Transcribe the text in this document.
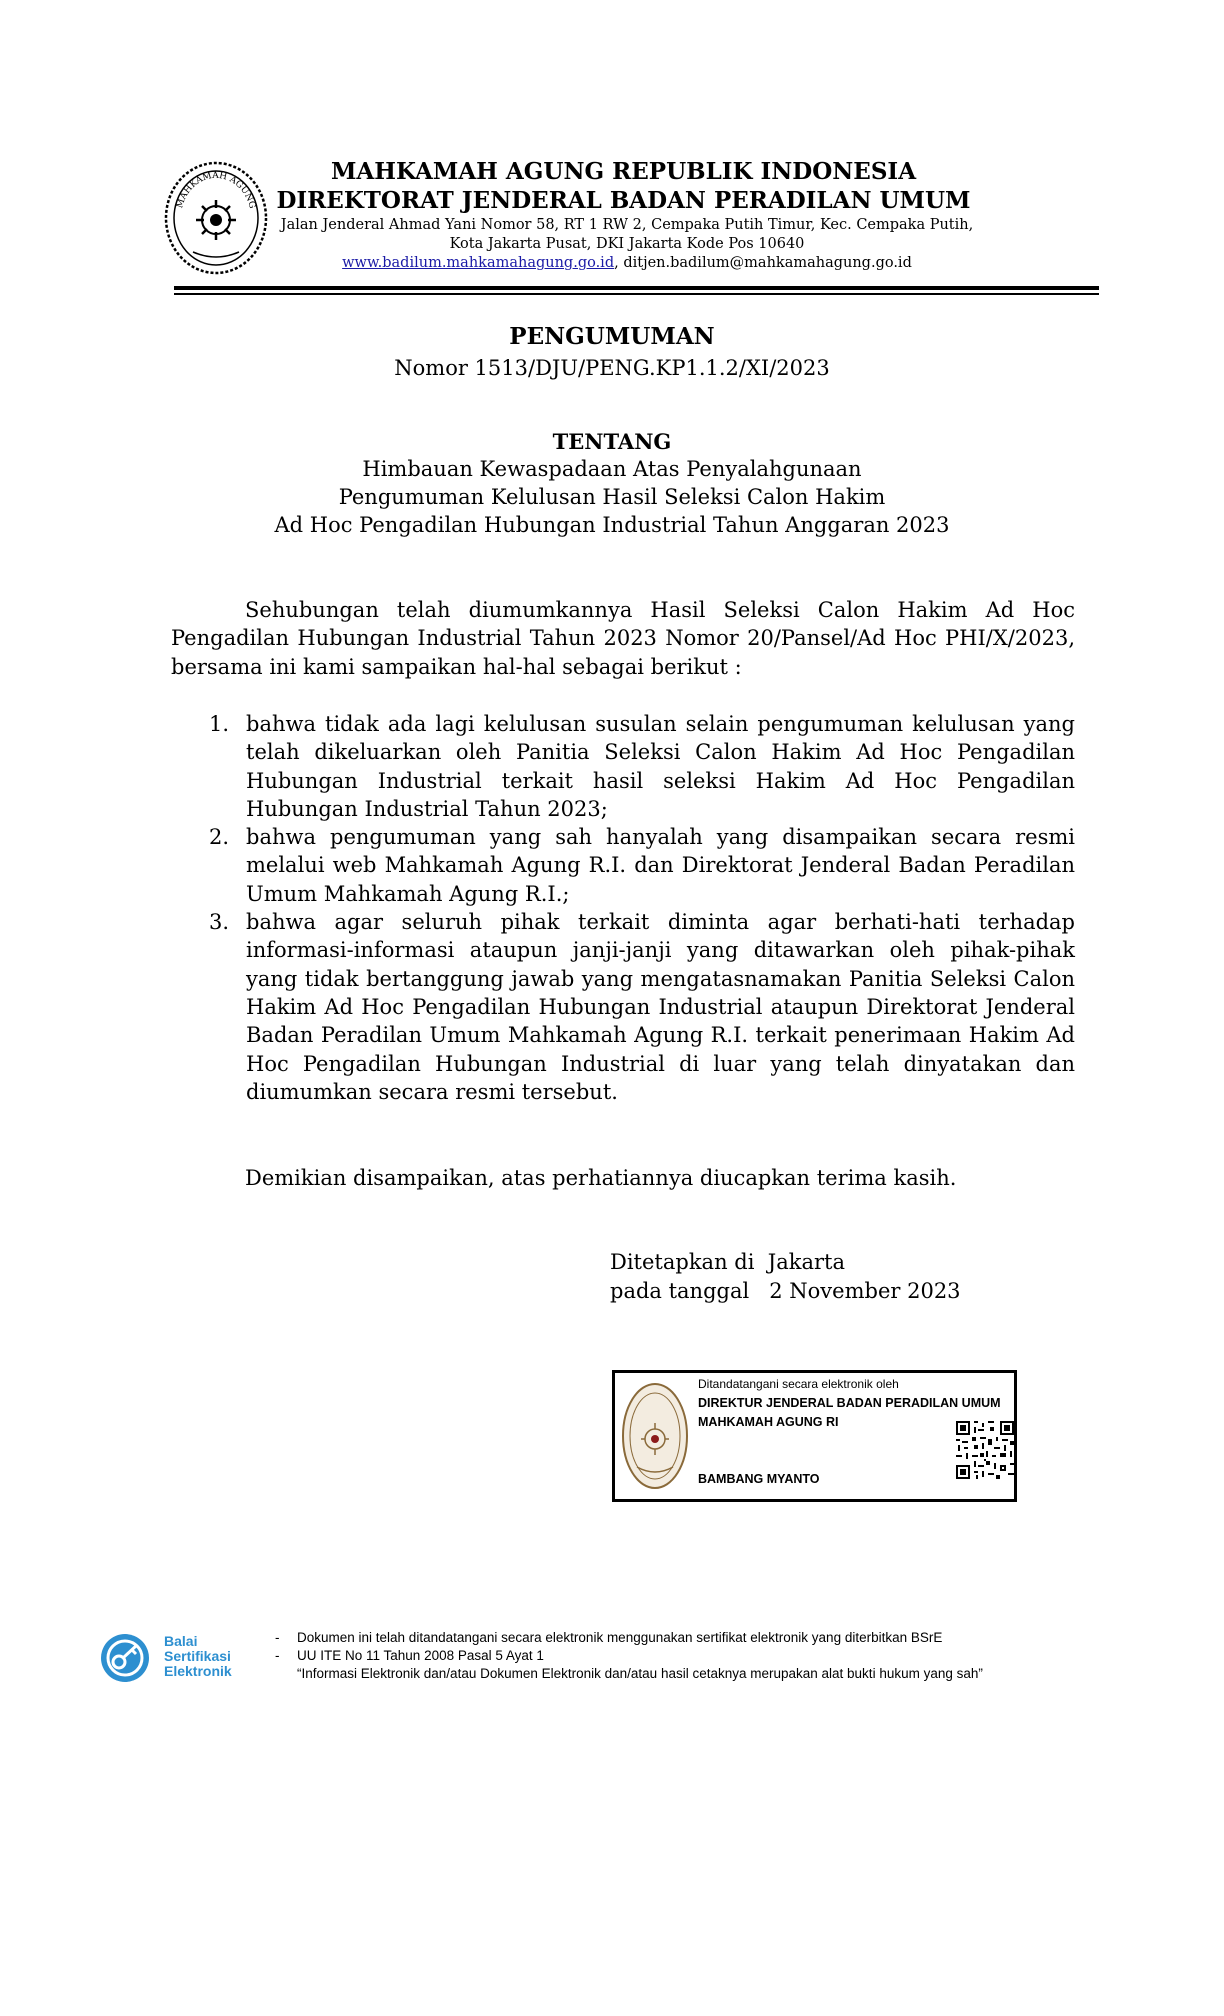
MAHKAMAH AGUNG
MAHKAMAH AGUNG REPUBLIK INDONESIA
DIREKTORAT JENDERAL BADAN PERADILAN UMUM
Jalan Jenderal Ahmad Yani Nomor 58, RT 1 RW 2, Cempaka Putih Timur, Kec. Cempaka Putih,
Kota Jakarta Pusat, DKI Jakarta Kode Pos 10640
www.badilum.mahkamahagung.go.id, ditjen.badilum@mahkamahagung.go.id
PENGUMUMAN
Nomor 1513/DJU/PENG.KP1.1.2/XI/2023
TENTANG
Himbauan Kewaspadaan Atas Penyalahgunaan
Pengumuman Kelulusan Hasil Seleksi Calon Hakim
Ad Hoc Pengadilan Hubungan Industrial Tahun Anggaran 2023
Sehubungan telah diumumkannya Hasil Seleksi Calon Hakim Ad Hoc Pengadilan Hubungan Industrial Tahun 2023 Nomor 20/Pansel/Ad Hoc PHI/X/2023, bersama ini kami sampaikan hal-hal sebagai berikut :
1. bahwa tidak ada lagi kelulusan susulan selain pengumuman kelulusan yang telah dikeluarkan oleh Panitia Seleksi Calon Hakim Ad Hoc Pengadilan Hubungan Industrial terkait hasil seleksi Hakim Ad Hoc Pengadilan Hubungan Industrial Tahun 2023;
2. bahwa pengumuman yang sah hanyalah yang disampaikan secara resmi melalui web Mahkamah Agung R.I. dan Direktorat Jenderal Badan Peradilan Umum Mahkamah Agung R.I.;
3. bahwa agar seluruh pihak terkait diminta agar berhati-hati terhadap informasi-informasi ataupun janji-janji yang ditawarkan oleh pihak-pihak yang tidak bertanggung jawab yang mengatasnamakan Panitia Seleksi Calon Hakim Ad Hoc Pengadilan Hubungan Industrial ataupun Direktorat Jenderal Badan Peradilan Umum Mahkamah Agung R.I. terkait penerimaan Hakim Ad Hoc Pengadilan Hubungan Industrial di luar yang telah dinyatakan dan diumumkan secara resmi tersebut.
Demikian disampaikan, atas perhatiannya diucapkan terima kasih.
Ditetapkan di Jakarta
pada tanggal 2 November 2023
Ditandatangani secara elektronik oleh
DIREKTUR JENDERAL BADAN PERADILAN UMUM
MAHKAMAH AGUNG RI
BAMBANG MYANTO
Balai
Sertifikasi
Elektronik
- Dokumen ini telah ditandatangani secara elektronik menggunakan sertifikat elektronik yang diterbitkan BSrE
- UU ITE No 11 Tahun 2008 Pasal 5 Ayat 1
“Informasi Elektronik dan/atau Dokumen Elektronik dan/atau hasil cetaknya merupakan alat bukti hukum yang sah”
